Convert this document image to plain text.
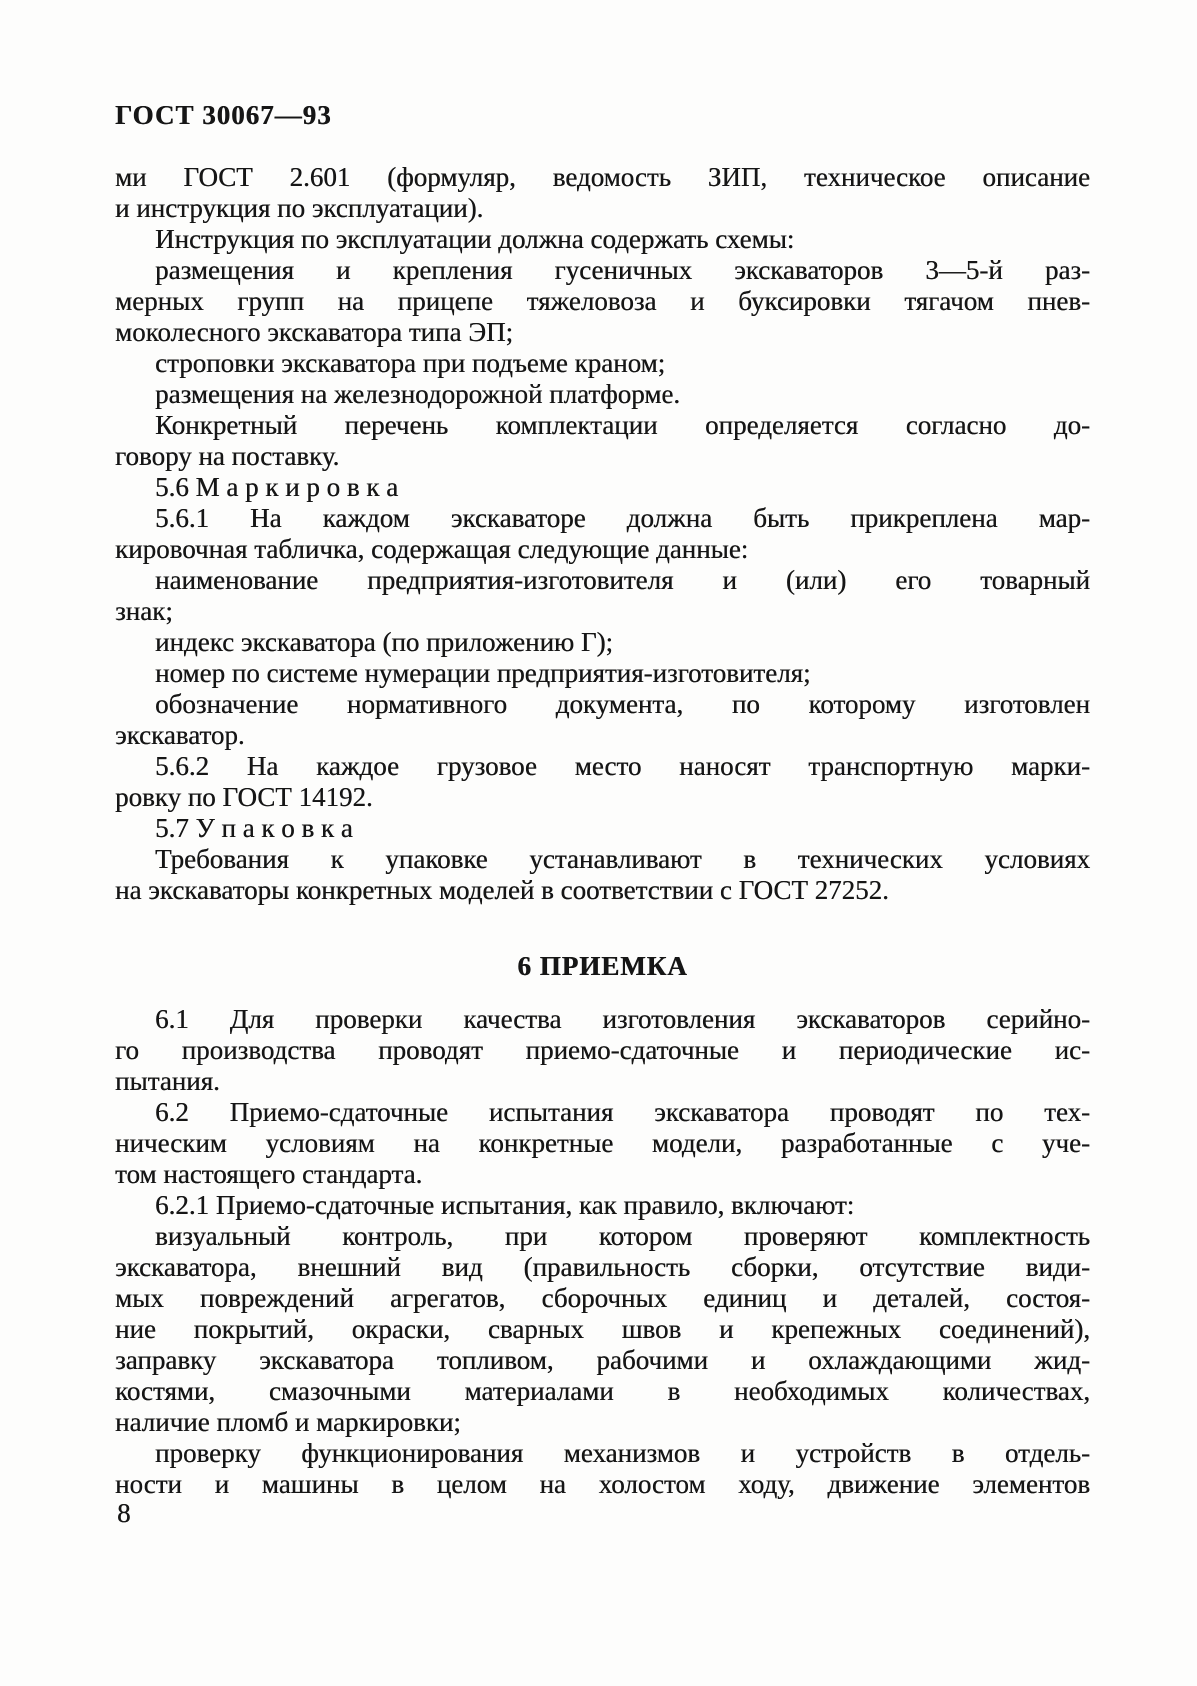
ГОСТ 30067—93
ми ГОСТ 2.601 (формуляр, ведомость ЗИП, техническое описание
и инструкция по эксплуатации).
Инструкция по эксплуатации должна содержать схемы:
размещения и крепления гусеничных экскаваторов 3—5-й раз-
мерных групп на прицепе тяжеловоза и буксировки тягачом пнев-
моколесного экскаватора типа ЭП;
строповки экскаватора при подъеме краном;
размещения на железнодорожной платформе.
Конкретный перечень комплектации определяется согласно до-
говору на поставку.
5.6 М а р к и р о в к а
5.6.1 На каждом экскаваторе должна быть прикреплена мар-
кировочная табличка, содержащая следующие данные:
наименование предприятия-изготовителя и (или) его товарный
знак;
индекс экскаватора (по приложению Г);
номер по системе нумерации предприятия-изготовителя;
обозначение нормативного документа, по которому изготовлен
экскаватор.
5.6.2 На каждое грузовое место наносят транспортную марки-
ровку по ГОСТ 14192.
5.7 У п а к о в к а
Требования к упаковке устанавливают в технических условиях
на экскаваторы конкретных моделей в соответствии с ГОСТ 27252.
6 ПРИЕМКА
6.1 Для проверки качества изготовления экскаваторов серийно-
го производства проводят приемо-сдаточные и периодические ис-
пытания.
6.2 Приемо-сдаточные испытания экскаватора проводят по тех-
ническим условиям на конкретные модели, разработанные с уче-
том настоящего стандарта.
6.2.1 Приемо-сдаточные испытания, как правило, включают:
визуальный контроль, при котором проверяют комплектность
экскаватора, внешний вид (правильность сборки, отсутствие види-
мых повреждений агрегатов, сборочных единиц и деталей, состоя-
ние покрытий, окраски, сварных швов и крепежных соединений),
заправку экскаватора топливом, рабочими и охлаждающими жид-
костями, смазочными материалами в необходимых количествах,
наличие пломб и маркировки;
проверку функционирования механизмов и устройств в отдель-
ности и машины в целом на холостом ходу, движение элементов
8
